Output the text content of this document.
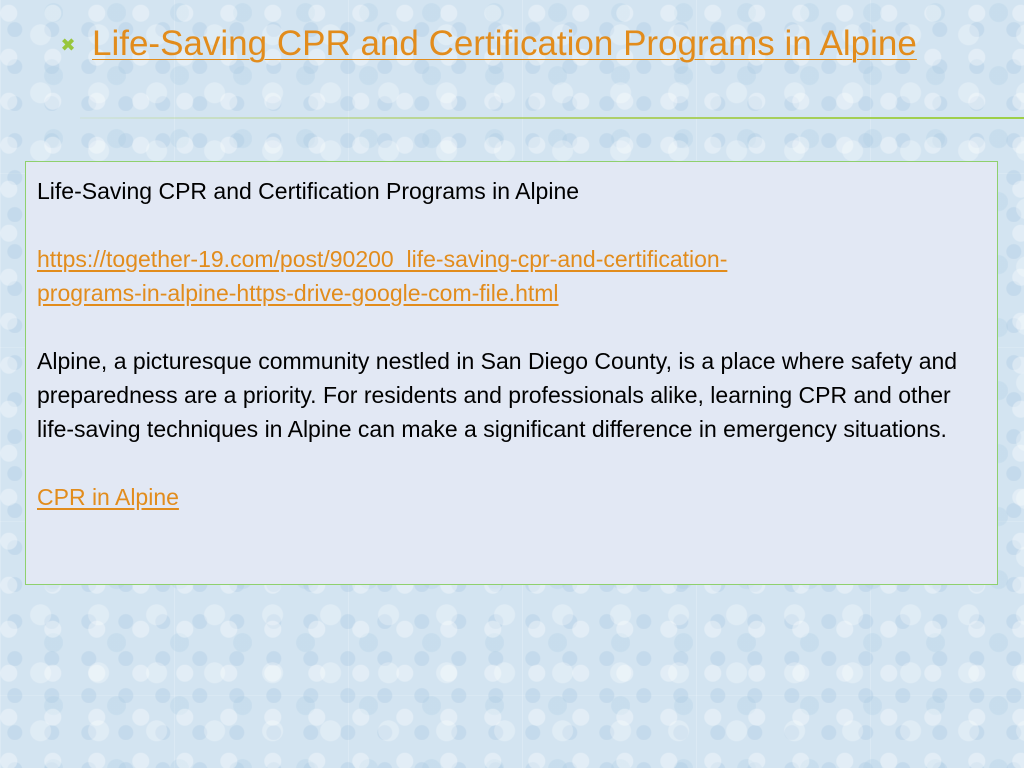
✖ Life-Saving CPR and Certification Programs in Alpine

Life-Saving CPR and Certification Programs in Alpine

https://together-19.com/post/90200_life-saving-cpr-and-certification-
programs-in-alpine-https-drive-google-com-file.html

Alpine, a picturesque community nestled in San Diego County, is a place where safety and preparedness are a priority. For residents and professionals alike, learning CPR and other life-saving techniques in Alpine can make a significant difference in emergency situations.

CPR in Alpine
